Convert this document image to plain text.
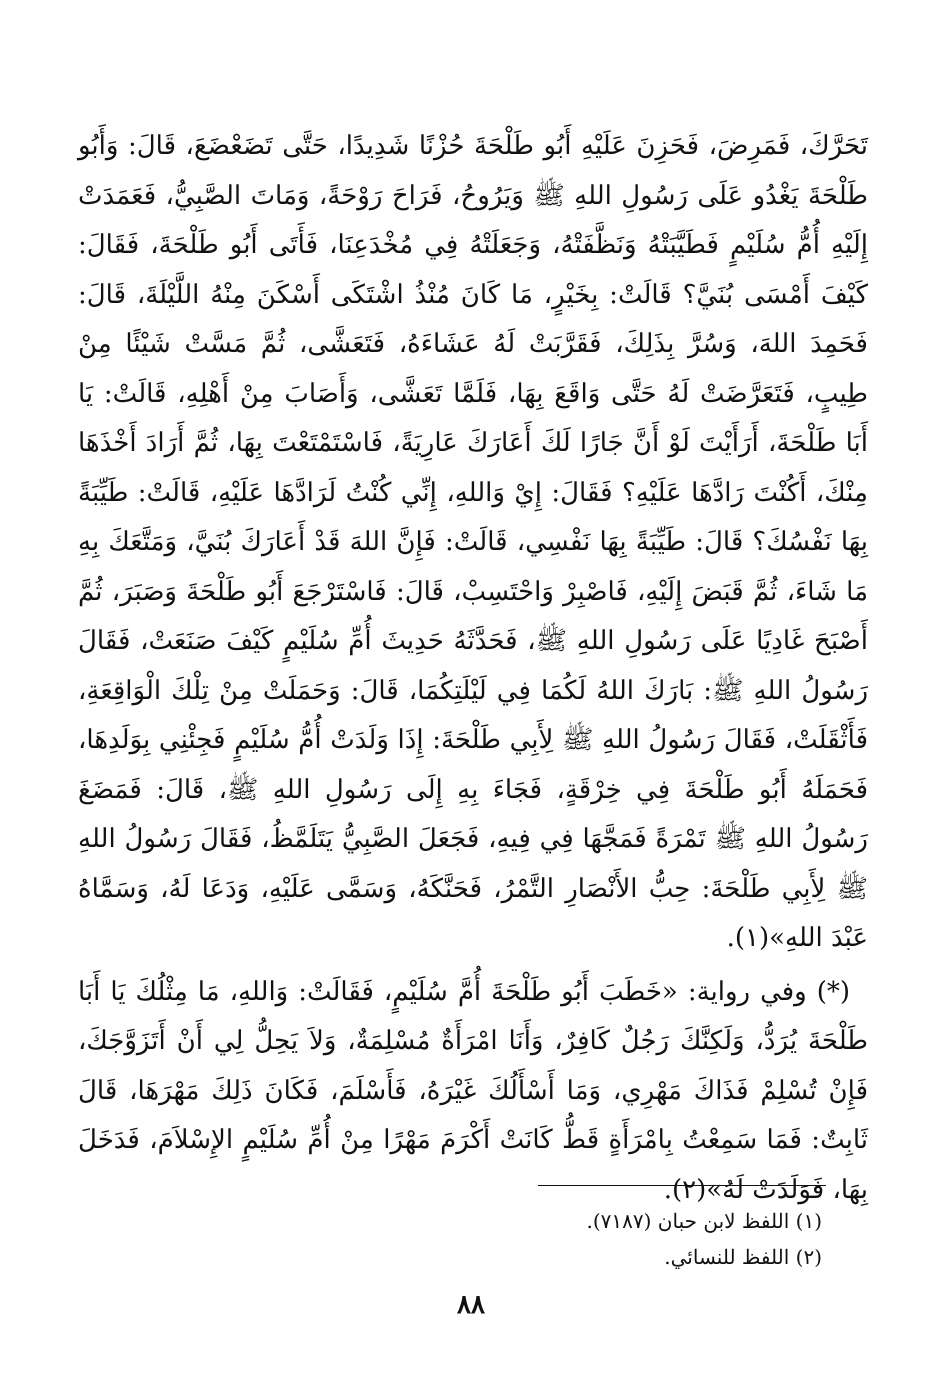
تَحَرَّكَ، فَمَرِضَ، فَحَزِنَ عَلَيْهِ أَبُو طَلْحَةَ حُزْنًا شَدِيدًا، حَتَّى تَضَعْضَعَ، قَالَ: وَأَبُو طَلْحَةَ يَغْدُو عَلَى رَسُولِ اللهِ ﷺ وَيَرُوحُ، فَرَاحَ رَوْحَةً، وَمَاتَ الصَّبِيُّ، فَعَمَدَتْ إِلَيْهِ أُمُّ سُلَيْمٍ فَطَيَّبَتْهُ وَنَظَّفَتْهُ، وَجَعَلَتْهُ فِي مُخْدَعِنَا، فَأَتَى أَبُو طَلْحَةَ، فَقَالَ: كَيْفَ أَمْسَى بُنَيَّ؟ قَالَتْ: بِخَيْرٍ، مَا كَانَ مُنْذُ اشْتَكَى أَسْكَنَ مِنْهُ اللَّيْلَةَ، قَالَ: فَحَمِدَ اللهَ، وَسُرَّ بِذَلِكَ، فَقَرَّبَتْ لَهُ عَشَاءَهُ، فَتَعَشَّى، ثُمَّ مَسَّتْ شَيْئًا مِنْ طِيبٍ، فَتَعَرَّضَتْ لَهُ حَتَّى وَاقَعَ بِهَا، فَلَمَّا تَعَشَّى، وَأَصَابَ مِنْ أَهْلِهِ، قَالَتْ: يَا أَبَا طَلْحَةَ، أَرَأَيْتَ لَوْ أَنَّ جَارًا لَكَ أَعَارَكَ عَارِيَةً، فَاسْتَمْتَعْتَ بِهَا، ثُمَّ أَرَادَ أَخْذَهَا مِنْكَ، أَكُنْتَ رَادَّهَا عَلَيْهِ؟ فَقَالَ: إِيْ وَاللهِ، إِنِّي كُنْتُ لَرَادَّهَا عَلَيْهِ، قَالَتْ: طَيِّبَةً بِهَا نَفْسُكَ؟ قَالَ: طَيِّبَةً بِهَا نَفْسِي، قَالَتْ: فَإِنَّ اللهَ قَدْ أَعَارَكَ بُنَيَّ، وَمَتَّعَكَ بِهِ مَا شَاءَ، ثُمَّ قَبَضَ إِلَيْهِ، فَاصْبِرْ وَاحْتَسِبْ، قَالَ: فَاسْتَرْجَعَ أَبُو طَلْحَةَ وَصَبَرَ، ثُمَّ أَصْبَحَ غَادِيًا عَلَى رَسُولِ اللهِ ﷺ، فَحَدَّثَهُ حَدِيثَ أُمِّ سُلَيْمٍ كَيْفَ صَنَعَتْ، فَقَالَ رَسُولُ اللهِ ﷺ: بَارَكَ اللهُ لَكُمَا فِي لَيْلَتِكُمَا، قَالَ: وَحَمَلَتْ مِنْ تِلْكَ الْوَاقِعَةِ، فَأَثْقَلَتْ، فَقَالَ رَسُولُ اللهِ ﷺ لِأَبِي طَلْحَةَ: إِذَا وَلَدَتْ أُمُّ سُلَيْمٍ فَجِئْنِي بِوَلَدِهَا، فَحَمَلَهُ أَبُو طَلْحَةَ فِي خِرْقَةٍ، فَجَاءَ بِهِ إِلَى رَسُولِ اللهِ ﷺ، قَالَ: فَمَضَغَ رَسُولُ اللهِ ﷺ تَمْرَةً فَمَجَّهَا فِي فِيهِ، فَجَعَلَ الصَّبِيُّ يَتَلَمَّظُ، فَقَالَ رَسُولُ اللهِ ﷺ لِأَبِي طَلْحَةَ: حِبُّ الأَنْصَارِ التَّمْرُ، فَحَنَّكَهُ، وَسَمَّى عَلَيْهِ، وَدَعَا لَهُ، وَسَمَّاهُ عَبْدَ اللهِ»(١).

(*) وفي رواية: «خَطَبَ أَبُو طَلْحَةَ أُمَّ سُلَيْمٍ، فَقَالَتْ: وَاللهِ، مَا مِثْلُكَ يَا أَبَا طَلْحَةَ يُرَدُّ، وَلَكِنَّكَ رَجُلٌ كَافِرٌ، وَأَنَا امْرَأَةٌ مُسْلِمَةٌ، وَلاَ يَحِلُّ لِي أَنْ أَتَزَوَّجَكَ، فَإِنْ تُسْلِمْ فَذَاكَ مَهْرِي، وَمَا أَسْأَلُكَ غَيْرَهُ، فَأَسْلَمَ، فَكَانَ ذَلِكَ مَهْرَهَا، قَالَ ثَابِتٌ: فَمَا سَمِعْتُ بِامْرَأَةٍ قَطُّ كَانَتْ أَكْرَمَ مَهْرًا مِنْ أُمِّ سُلَيْمٍ الإِسْلاَمَ، فَدَخَلَ بِهَا، فَوَلَدَتْ لَهُ»(٢).

(١) اللفظ لابن حبان (٧١٨٧).

(٢) اللفظ للنسائي.

٨٨
